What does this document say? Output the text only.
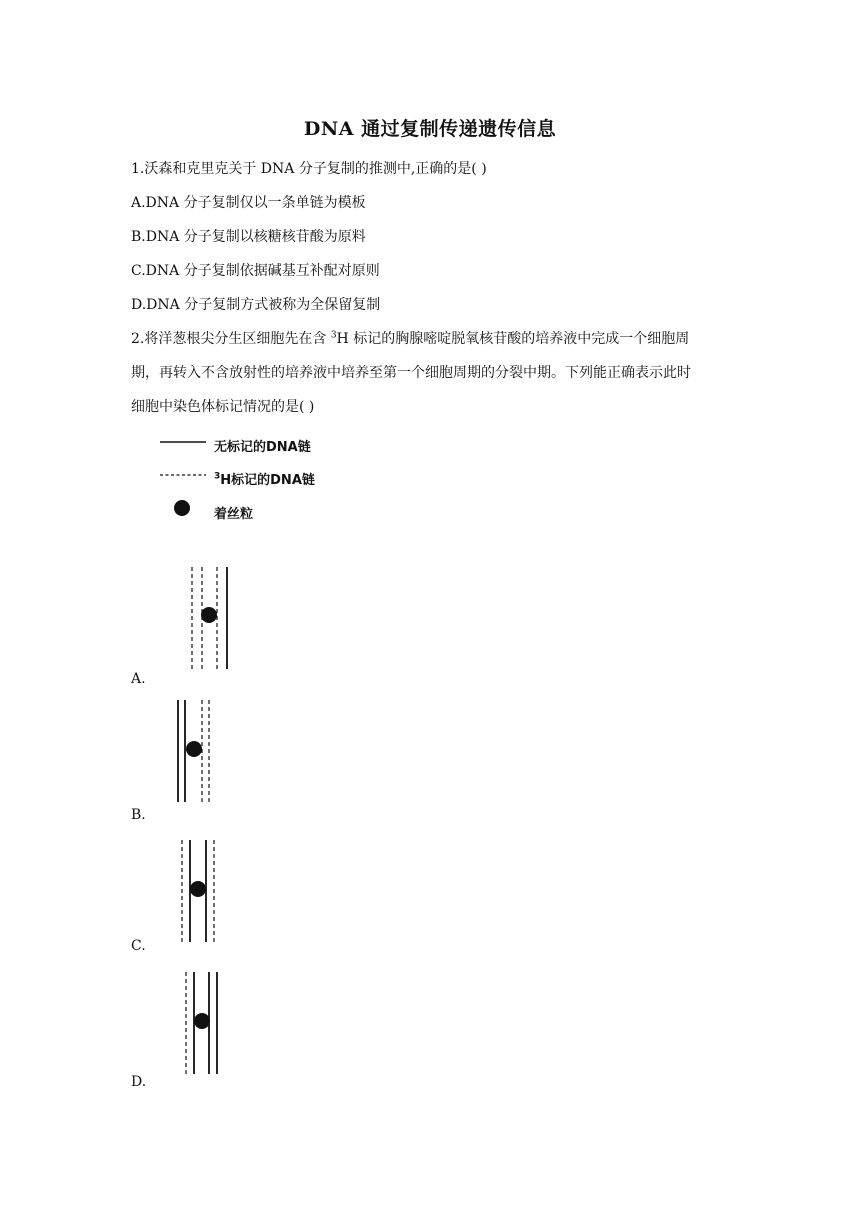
DNA 通过复制传递遗传信息
1.沃森和克里克关于 DNA 分子复制的推测中,正确的是( )
A.DNA 分子复制仅以一条单链为模板
B.DNA 分子复制以核糖核苷酸为原料
C.DNA 分子复制依据碱基互补配对原则
D.DNA 分子复制方式被称为全保留复制
2.将洋葱根尖分生区细胞先在含 $^3$H 标记的胸腺嘧啶脱氧核苷酸的培养液中完成一个细胞周
期，再转入不含放射性的培养液中培养至第一个细胞周期的分裂中期。下列能正确表示此时
细胞中染色体标记情况的是( )
无标记的DNA链
$^3$H标记的DNA链
着丝粒
A.
B.
C.
D.
